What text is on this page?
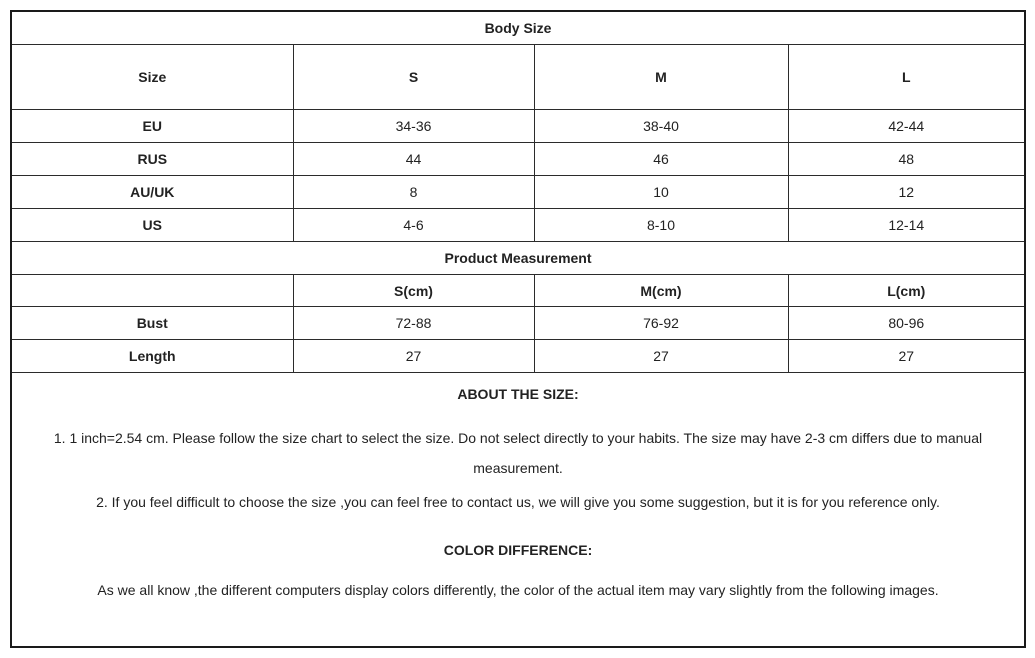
Body Size			
Size	S	M	L
EU	34-36	38-40	42-44
RUS	44	46	48
AU/UK	8	10	12
US	4-6	8-10	12-14
Product Measurement			
	S(cm)	M(cm)	L(cm)
Bust	72-88	76-92	80-96
Length	27	27	27

ABOUT THE SIZE:

1. 1 inch=2.54 cm. Please follow the size chart to select the size. Do not select directly to your habits. The size may have 2-3 cm differs due to manual measurement.

2. If you feel difficult to choose the size ,you can feel free to contact us, we will give you some suggestion, but it is for you reference only.

COLOR DIFFERENCE:

As we all know ,the different computers display colors differently, the color of the actual item may vary slightly from the following images.
